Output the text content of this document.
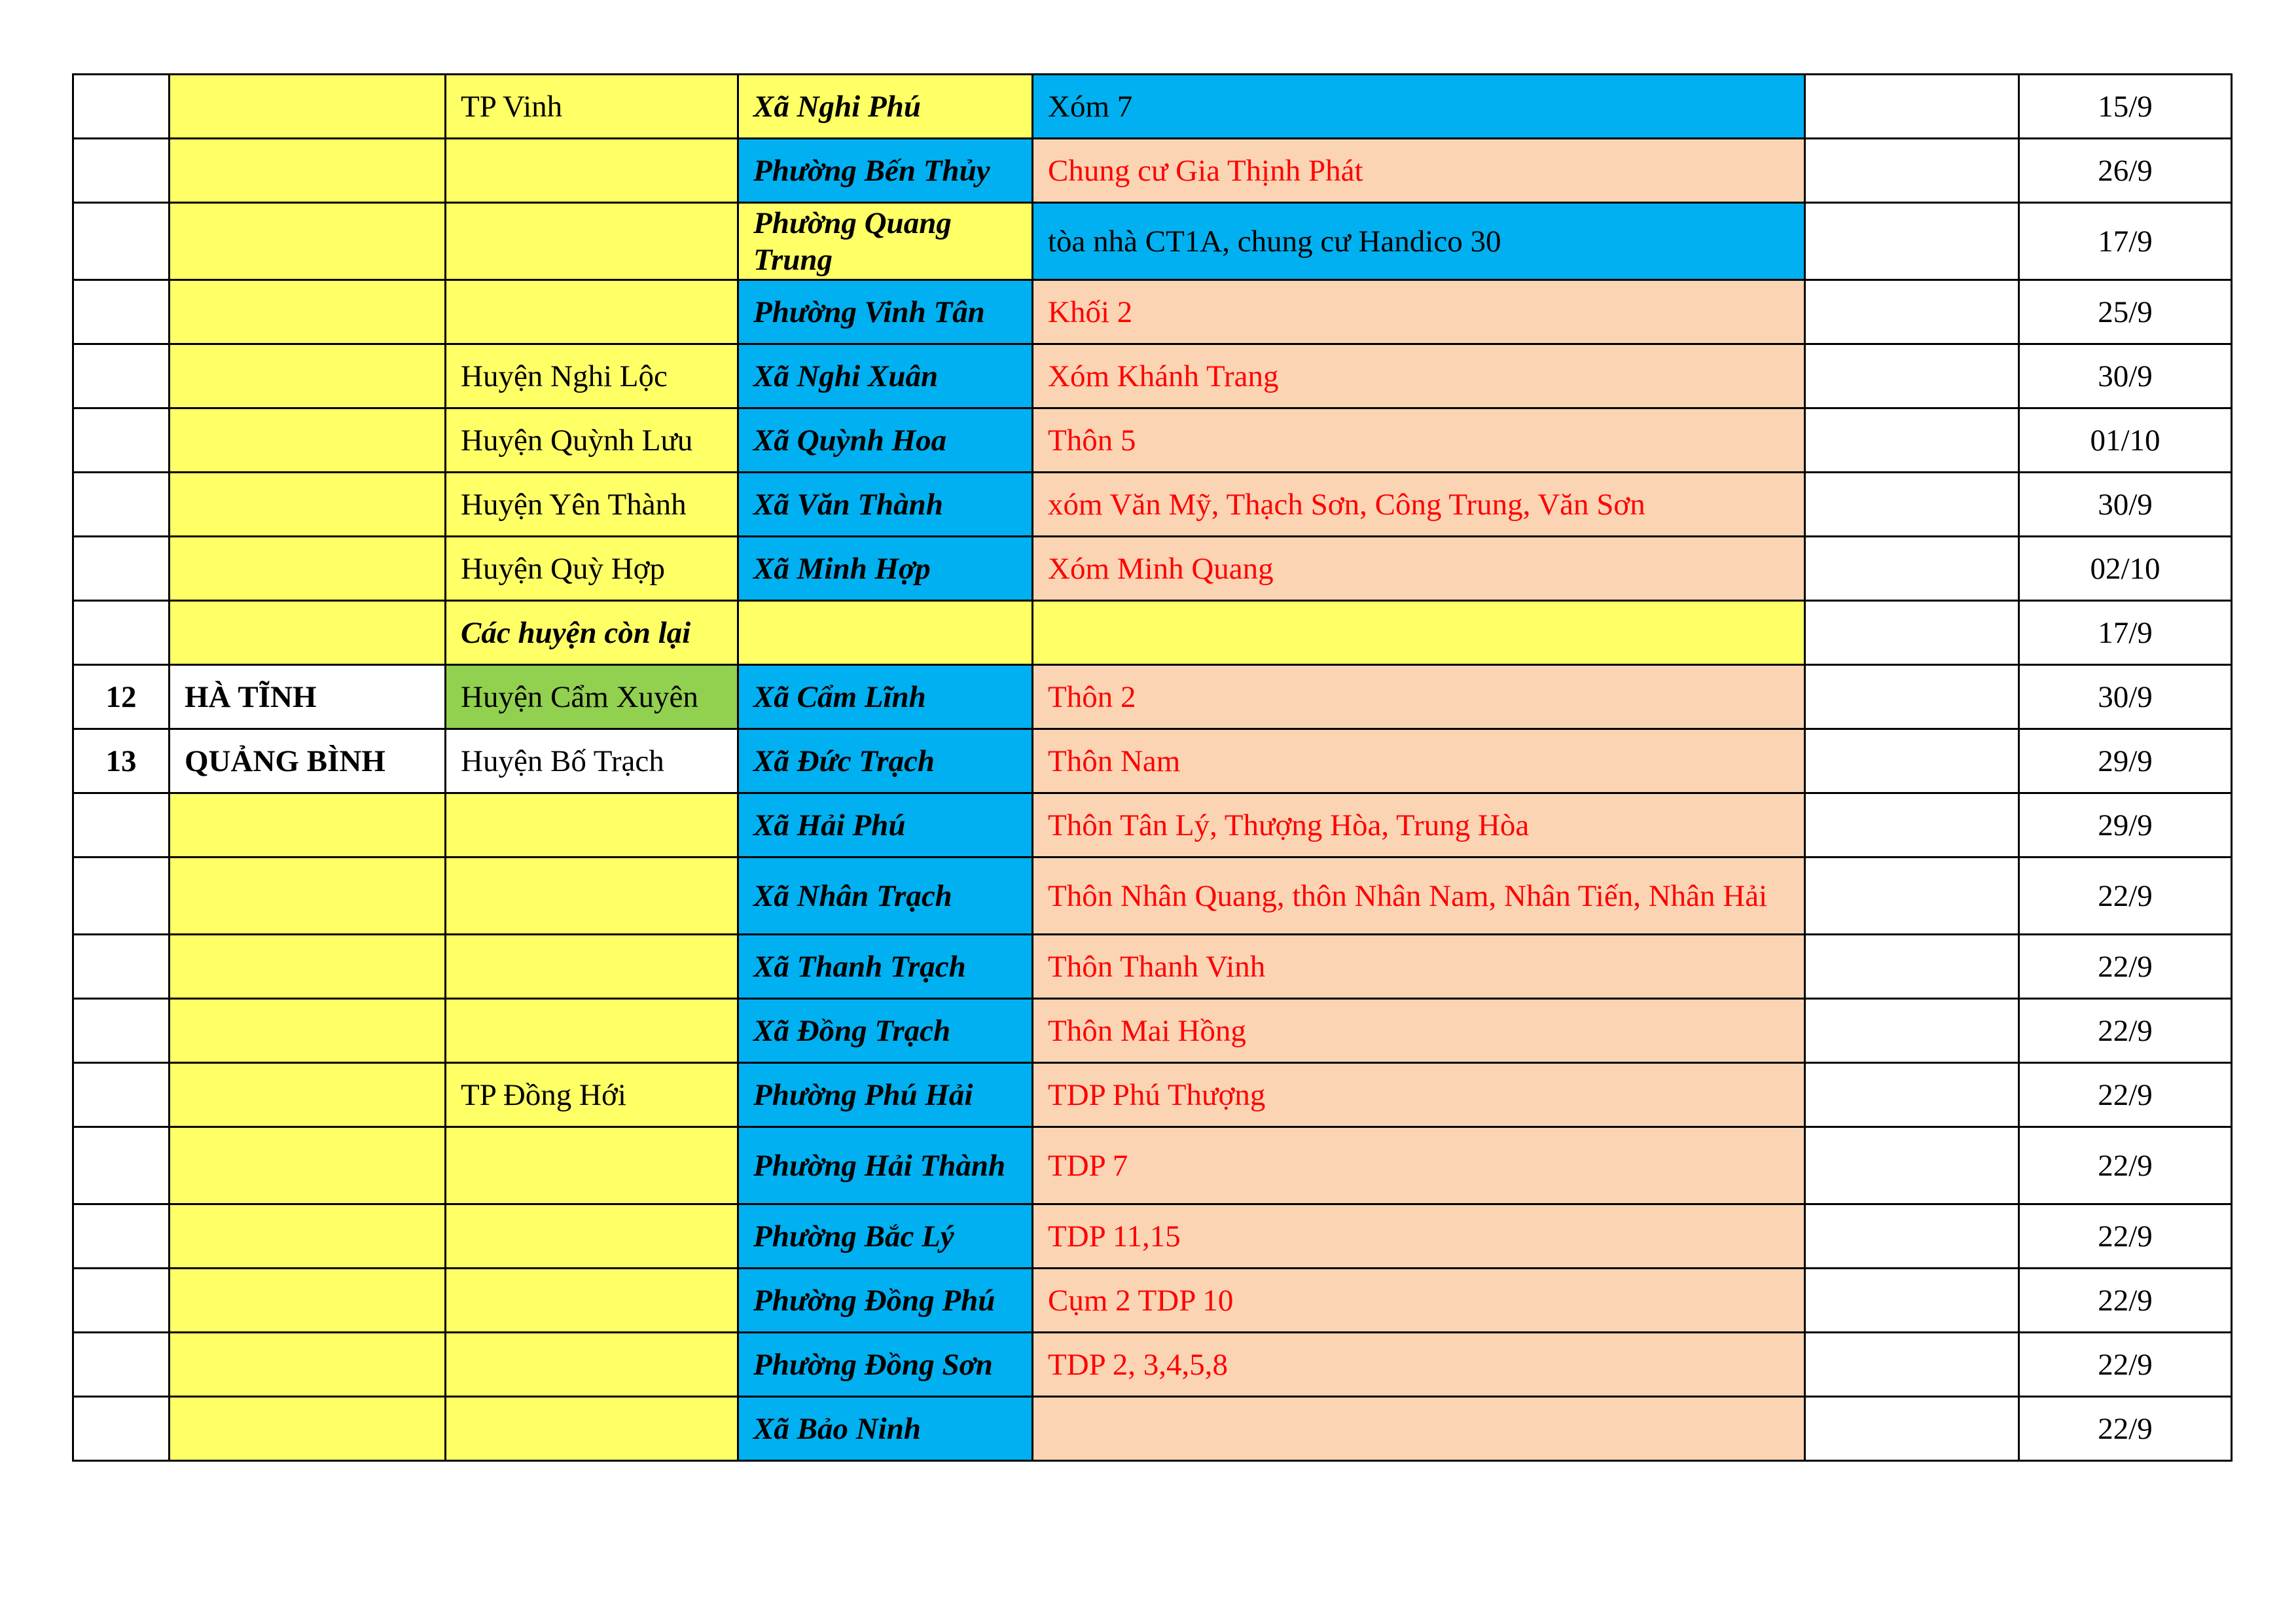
		TP Vinh	Xã Nghi Phú	Xóm 7		15/9
			Phường Bến Thủy	Chung cư Gia Thịnh Phát		26/9
			Phường Quang Trung	tòa nhà CT1A, chung cư Handico 30		17/9
			Phường Vinh Tân	Khối 2		25/9
		Huyện Nghi Lộc	Xã Nghi Xuân	Xóm Khánh Trang		30/9
		Huyện Quỳnh Lưu	Xã Quỳnh Hoa	Thôn 5		01/10
		Huyện Yên Thành	Xã Văn Thành	xóm Văn Mỹ, Thạch Sơn, Công Trung, Văn Sơn		30/9
		Huyện Quỳ Hợp	Xã Minh Hợp	Xóm Minh Quang		02/10
		Các huyện còn lại				17/9
12	HÀ TĨNH	Huyện Cẩm Xuyên	Xã Cẩm Lĩnh	Thôn 2		30/9
13	QUẢNG BÌNH	Huyện Bố Trạch	Xã Đức Trạch	Thôn Nam		29/9
			Xã Hải Phú	Thôn Tân Lý, Thượng Hòa, Trung Hòa		29/9
			Xã Nhân Trạch	Thôn Nhân Quang, thôn Nhân Nam, Nhân Tiến, Nhân Hải		22/9
			Xã Thanh Trạch	Thôn Thanh Vinh		22/9
			Xã Đồng Trạch	Thôn Mai Hồng		22/9
		TP Đồng Hới	Phường Phú Hải	TDP Phú Thượng		22/9
			Phường Hải Thành	TDP 7		22/9
			Phường Bắc Lý	TDP 11,15		22/9
			Phường Đồng Phú	Cụm 2 TDP 10		22/9
			Phường Đồng Sơn	TDP 2, 3,4,5,8		22/9
			Xã Bảo Ninh			22/9
